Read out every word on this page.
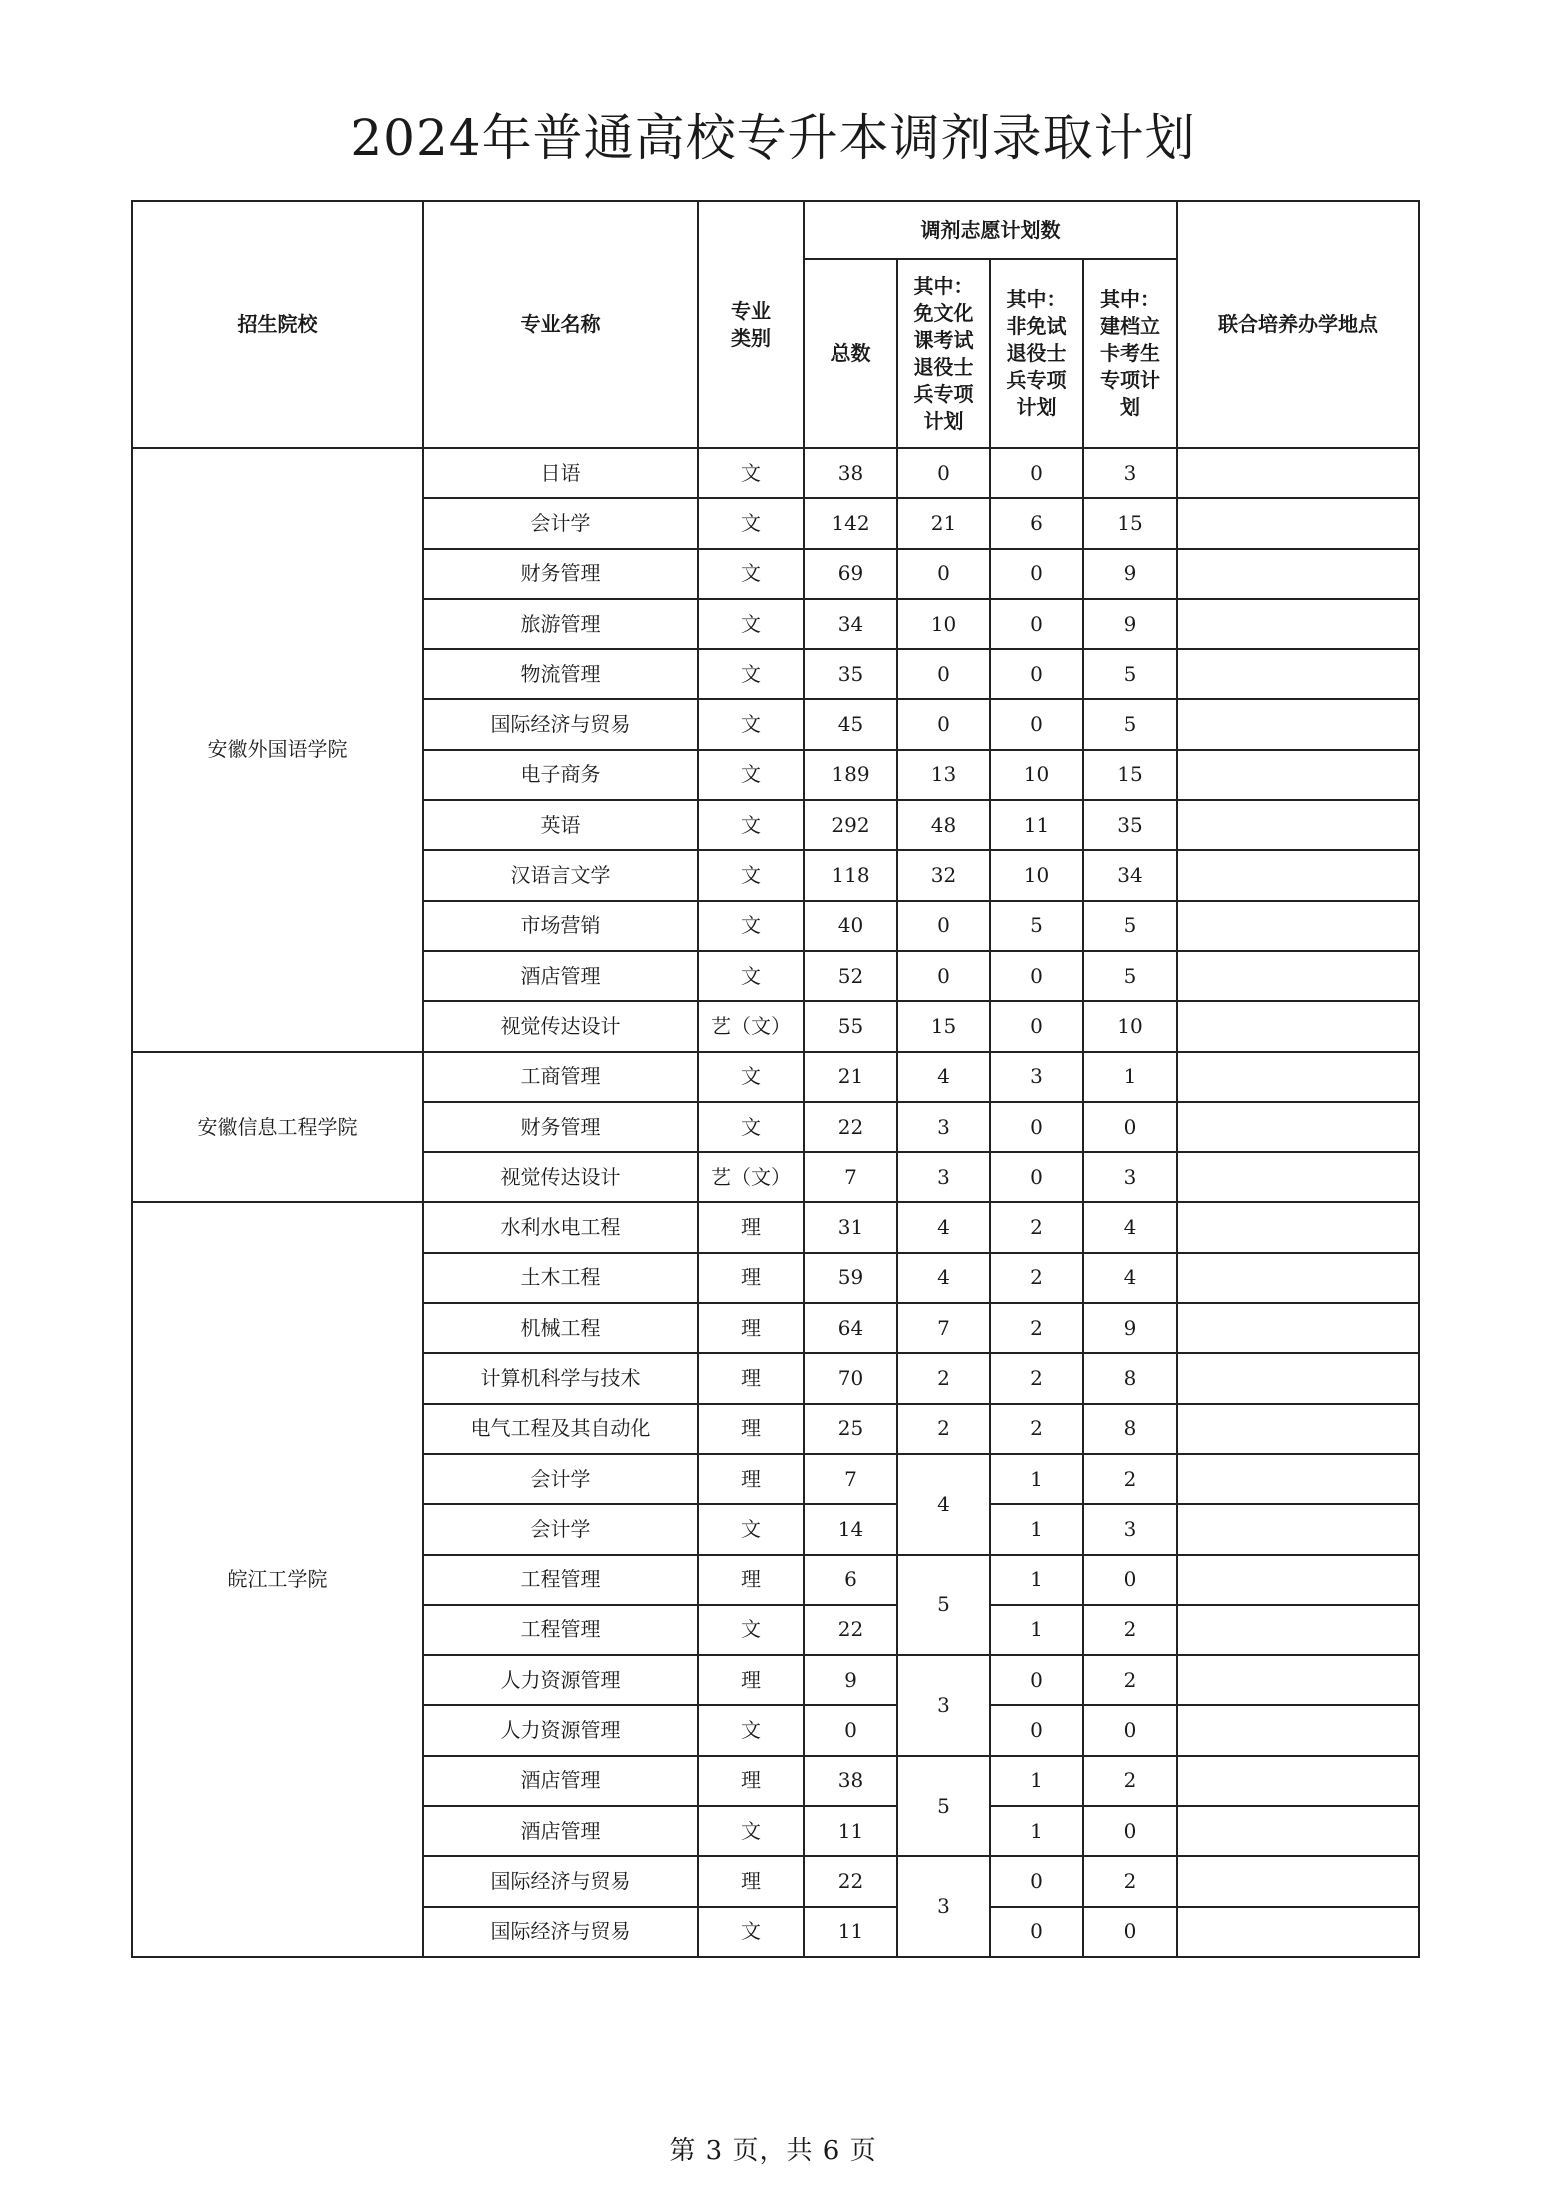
2024年普通高校专升本调剂录取计划
招生院校	专业名称	专业类别	调剂志愿计划数				联合培养办学地点
			总数	其中：免文化课考试退役士兵专项计划	其中：非免试退役士兵专项计划	其中：建档立卡考生专项计划	

安徽外国语学院	日语	文	38	0	0	3	
	会计学	文	142	21	6	15	
	财务管理	文	69	0	0	9	
	旅游管理	文	34	10	0	9	
	物流管理	文	35	0	0	5	
	国际经济与贸易	文	45	0	0	5	
	电子商务	文	189	13	10	15	
	英语	文	292	48	11	35	
	汉语言文学	文	118	32	10	34	
	市场营销	文	40	0	5	5	
	酒店管理	文	52	0	0	5	
	视觉传达设计	艺（文）	55	15	0	10	
安徽信息工程学院	工商管理	文	21	4	3	1	
	财务管理	文	22	3	0	0	
	视觉传达设计	艺（文）	7	3	0	3	
皖江工学院	水利水电工程	理	31	4	2	4	
	土木工程	理	59	4	2	4	
	机械工程	理	64	7	2	9	
	计算机科学与技术	理	70	2	2	8	
	电气工程及其自动化	理	25	2	2	8	
	会计学	理	7	4	1	2	
	会计学	文	14		1	3	
	工程管理	理	6	5	1	0	
	工程管理	文	22		1	2	
	人力资源管理	理	9	3	0	2	
	人力资源管理	文	0		0	0	
	酒店管理	理	38	5	1	2	
	酒店管理	文	11		1	0	
	国际经济与贸易	理	22	3	0	2	
	国际经济与贸易	文	11		0	0	
第 3 页，共 6 页
